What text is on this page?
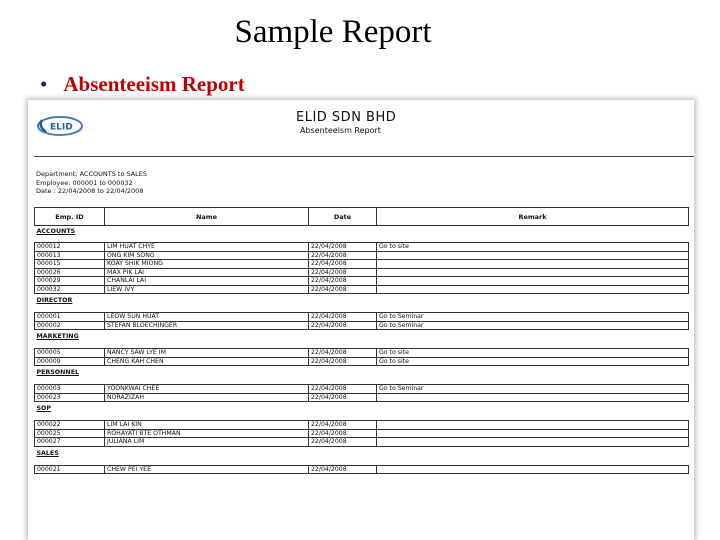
Sample Report
• Absenteeism Report
ELID
ELID SDN BHD
Absenteeism Report
Department: ACCOUNTS to SALES
Employee: 000001 to 000032
Date : 22/04/2008 to 22/04/2008
Emp. ID	Name	Date	Remark
ACCOUNTS			

000012	LIM HUAT CHYE	22/04/2008	Go to site
000013	ONG KIM SONG	22/04/2008	
000015	KOAY SHIK MIONG	22/04/2008	
000026	MAX PIK LAI	22/04/2008	
000029	CHANLAI LAI	22/04/2008	
000032	LIEW IVY	22/04/2008	
DIRECTOR			

000001	LEOW SUN HUAT	22/04/2008	Go to Seminar
000002	STEFAN BLOECHINGER	22/04/2008	Go to Seminar
MARKETING			

000005	NANCY SAW LYE IM	22/04/2008	Go to site
000009	CHENG KAH CHEN	22/04/2008	Go to site
PERSONNEL			

000003	YOONKWAI CHEE	22/04/2008	Go to Seminar
000023	NORAZIZAH	22/04/2008	
SOP			

000022	LIM LAI KIN	22/04/2008	
000025	ROHAYATI BTE OTHMAN	22/04/2008	
000027	JULIANA LIM	22/04/2008	
SALES			

000021	CHEW PEI YEE	22/04/2008	
